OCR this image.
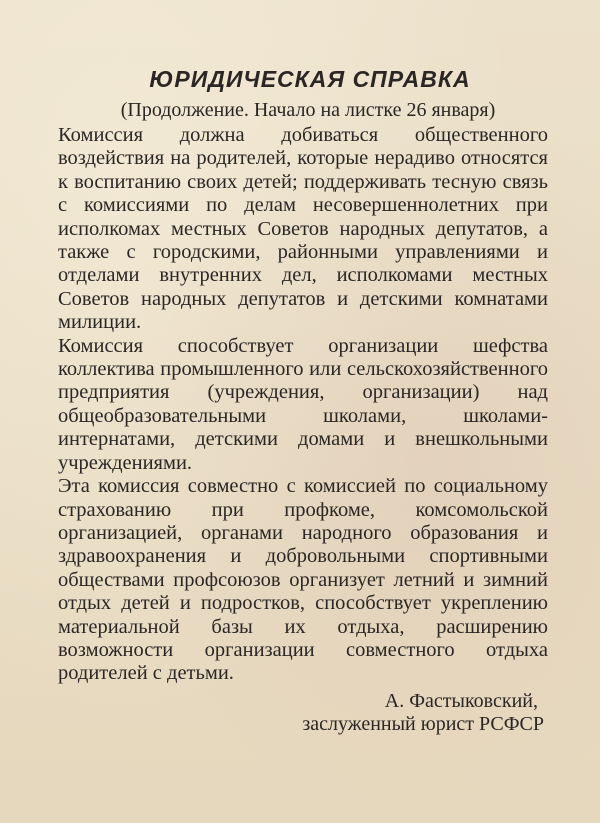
ЮРИДИЧЕСКАЯ СПРАВКА
(Продолжение. Начало на листке 26 января)

Комиссия должна добиваться общественного воздействия на родителей, которые нерадиво относятся к воспитанию своих детей; поддерживать тесную связь с комиссиями по делам несовершеннолетних при исполкомах местных Советов народных депутатов, а также с городскими, районными управлениями и отделами внутренних дел, исполкомами местных Советов народных депутатов и детскими комнатами милиции.

Комиссия способствует организации шефства коллектива промышленного или сельскохозяйственного предприятия (учреждения, организации) над общеобразовательными школами, школами-интернатами, детскими домами и внешкольными учреждениями.

Эта комиссия совместно с комиссией по социальному страхованию при профкоме, комсомольской организацией, органами народного образования и здравоохранения и добровольными спортивными обществами профсоюзов организует летний и зимний отдых детей и подростков, способствует укреплению материальной базы их отдыха, расширению возможности организации совместного отдыха родителей с детьми.

А. Фастыковский,
заслуженный юрист РСФСР
